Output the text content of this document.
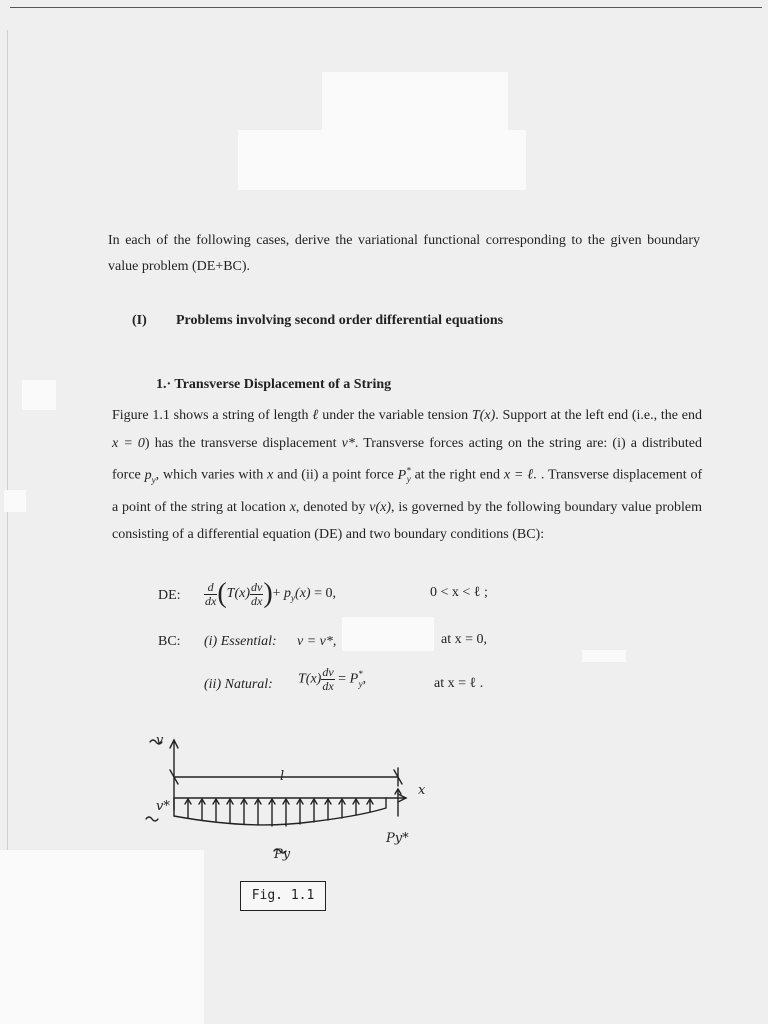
In each of the following cases, derive the variational functional corresponding to the given boundary value problem (DE+BC).

(I) Problems involving second order differential equations
1.· Transverse Displacement of a String

Figure 1.1 shows a string of length ℓ under the variable tension T(x). Support at the left end (i.e., the end x = 0) has the transverse displacement v*. Transverse forces acting on the string are: (i) a distributed force $p_y$, which varies with x and (ii) a point force $P^*_y$ at the right end x = ℓ. . Transverse displacement of a point of the string at location x, denoted by v(x), is governed by the following boundary value problem consisting of a differential equation (DE) and two boundary conditions (BC):

DE: $\frac{d}{dx} (T(x) \frac{dv}{dx}$ )+ $p_y(x) = 0$,	0 < x < ℓ ;
BC: (i) Essential: v = v*,	at x = 0,
(ii) Natural: $T(x) \frac{dv}{dx} = P^*_y$,	at x = ℓ .
v*
v
l
x
Py
Py*
Fig. 1.1
